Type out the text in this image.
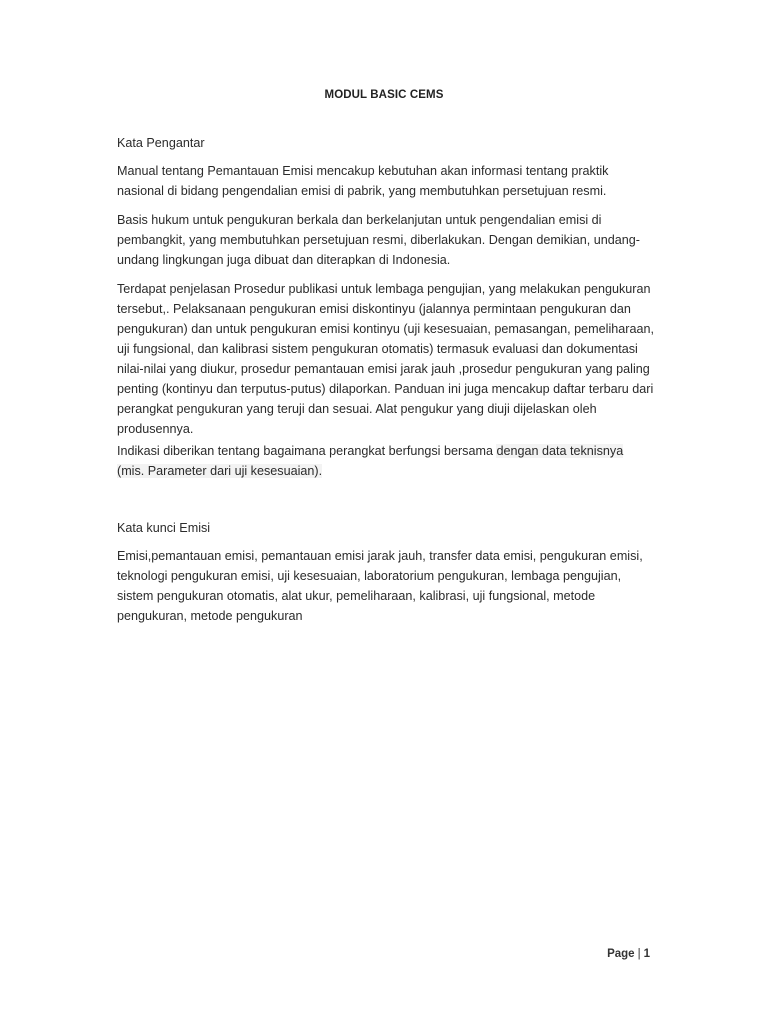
MODUL BASIC CEMS

Kata Pengantar

Manual tentang Pemantauan Emisi mencakup kebutuhan akan informasi tentang praktik nasional di bidang pengendalian emisi di pabrik, yang membutuhkan persetujuan resmi.

Basis hukum untuk pengukuran berkala dan berkelanjutan untuk pengendalian emisi di pembangkit, yang membutuhkan persetujuan resmi, diberlakukan. Dengan demikian, undang-undang lingkungan juga dibuat dan diterapkan di Indonesia.

Terdapat penjelasan Prosedur publikasi untuk lembaga pengujian, yang melakukan pengukuran tersebut,. Pelaksanaan pengukuran emisi diskontinyu (jalannya permintaan pengukuran dan pengukuran) dan untuk pengukuran emisi kontinyu (uji kesesuaian, pemasangan, pemeliharaan, uji fungsional, dan kalibrasi sistem pengukuran otomatis) termasuk evaluasi dan dokumentasi nilai-nilai yang diukur, prosedur pemantauan emisi jarak jauh ,prosedur pengukuran yang paling penting (kontinyu dan terputus-putus) dilaporkan. Panduan ini juga mencakup daftar terbaru dari perangkat pengukuran yang teruji dan sesuai. Alat pengukur yang diuji dijelaskan oleh produsennya.

Indikasi diberikan tentang bagaimana perangkat berfungsi bersama dengan data teknisnya
(mis. Parameter dari uji kesesuaian).

Kata kunci Emisi

Emisi,pemantauan emisi, pemantauan emisi jarak jauh, transfer data emisi, pengukuran emisi, teknologi pengukuran emisi, uji kesesuaian, laboratorium pengukuran, lembaga pengujian, sistem pengukuran otomatis, alat ukur, pemeliharaan, kalibrasi, uji fungsional, metode pengukuran, metode pengukuran

Page | 1
